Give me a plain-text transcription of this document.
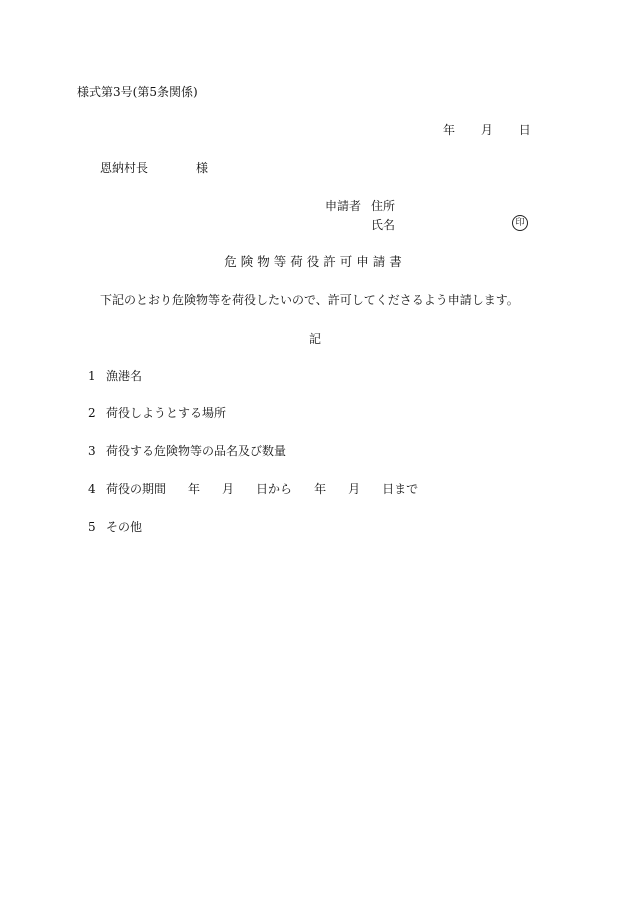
様式第3号(第5条関係)
年 月 日
恩納村長	様
申請者 住所
氏名	印
危険物等荷役許可申請書
下記のとおり危険物等を荷役したいので、許可してくださるよう申請します。
記
1 漁港名
2 荷役しようとする場所
3 荷役する危険物等の品名及び数量
4 荷役の期間 年 月 日から 年 月 日まで
5 その他
